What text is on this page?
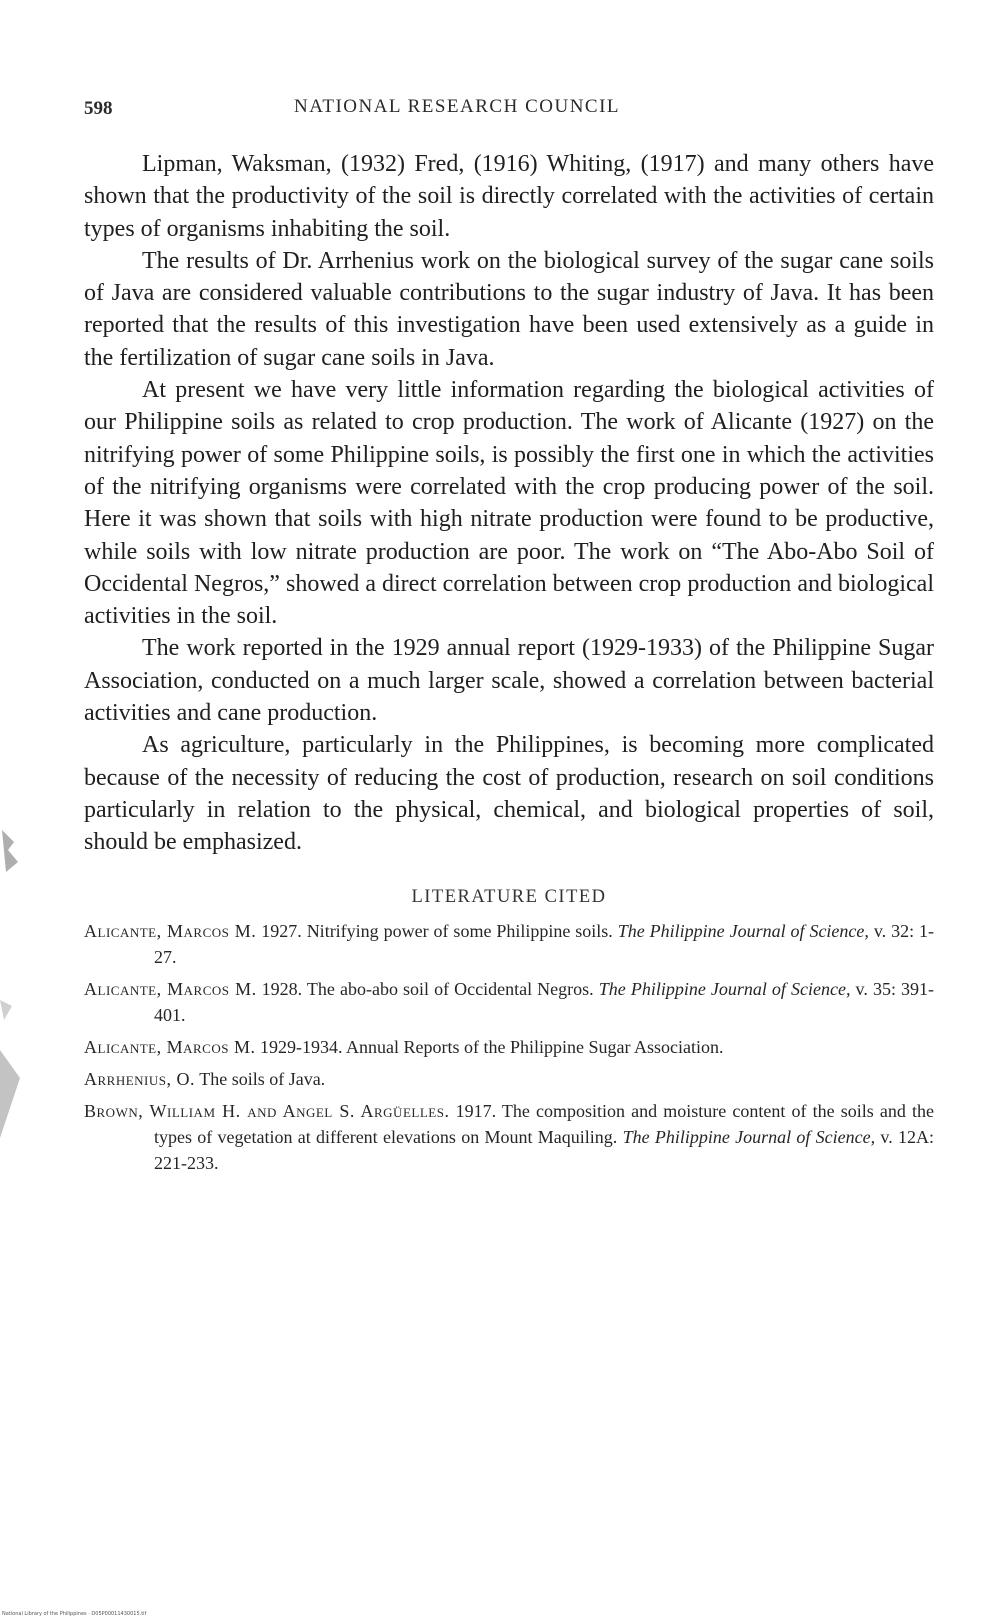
598	NATIONAL RESEARCH COUNCIL

Lipman, Waksman, (1932) Fred, (1916) Whiting, (1917) and many others have shown that the productivity of the soil is directly correlated with the activities of certain types of organisms inhabiting the soil.

The results of Dr. Arrhenius work on the biological survey of the sugar cane soils of Java are considered valuable contributions to the sugar industry of Java. It has been reported that the results of this investigation have been used extensively as a guide in the fertilization of sugar cane soils in Java.

At present we have very little information regarding the biological activities of our Philippine soils as related to crop production. The work of Alicante (1927) on the nitrifying power of some Philippine soils, is possibly the first one in which the activities of the nitrifying organisms were correlated with the crop producing power of the soil. Here it was shown that soils with high nitrate production were found to be productive, while soils with low nitrate production are poor. The work on “The Abo-Abo Soil of Occidental Negros,” showed a direct correlation between crop production and biological activities in the soil.

The work reported in the 1929 annual report (1929-1933) of the Philippine Sugar Association, conducted on a much larger scale, showed a correlation between bacterial activities and cane production.

As agriculture, particularly in the Philippines, is becoming more complicated because of the necessity of reducing the cost of production, research on soil conditions particularly in relation to the physical, chemical, and biological properties of soil, should be emphasized.

LITERATURE CITED

Alicante, Marcos M. 1927. Nitrifying power of some Philippine soils. The Philippine Journal of Science, v. 32: 1-27.

Alicante, Marcos M. 1928. The abo-abo soil of Occidental Negros. The Philippine Journal of Science, v. 35: 391-401.

Alicante, Marcos M. 1929-1934. Annual Reports of the Philippine Sugar Association.

Arrhenius, O. The soils of Java.

Brown, William H. and Angel S. Argüelles. 1917. The composition and moisture content of the soils and the types of vegetation at different elevations on Mount Maquiling. The Philippine Journal of Science, v. 12A: 221-233.

National Library of the Philippines · D05P00011430015.tif
